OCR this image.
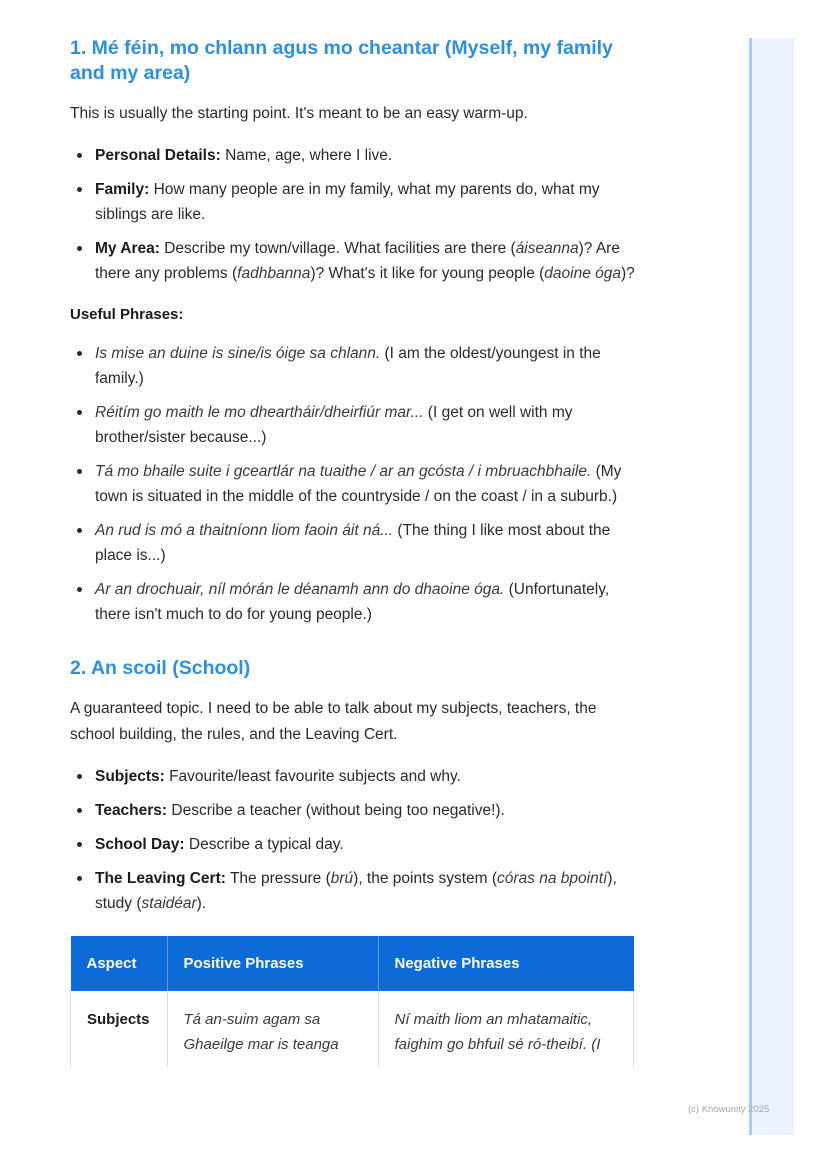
1. Mé féin, mo chlann agus mo cheantar (Myself, my family and my area)

This is usually the starting point. It's meant to be an easy warm-up.

Personal Details: Name, age, where I live.
Family: How many people are in my family, what my parents do, what my siblings are like.
My Area: Describe my town/village. What facilities are there (áiseanna)? Are there any problems (fadhbanna)? What's it like for young people (daoine óga)?
Useful Phrases:
Is mise an duine is sine/is óige sa chlann. (I am the oldest/youngest in the family.)
Réitím go maith le mo dheartháir/dheirfiúr mar... (I get on well with my brother/sister because...)
Tá mo bhaile suite i gceartlár na tuaithe / ar an gcósta / i mbruachbhaile. (My town is situated in the middle of the countryside / on the coast / in a suburb.)
An rud is mó a thaitníonn liom faoin áit ná... (The thing I like most about the place is...)
Ar an drochuair, níl mórán le déanamh ann do dhaoine óga. (Unfortunately, there isn't much to do for young people.)
2. An scoil (School)

A guaranteed topic. I need to be able to talk about my subjects, teachers, the school building, the rules, and the Leaving Cert.

Subjects: Favourite/least favourite subjects and why.
Teachers: Describe a teacher (without being too negative!).
School Day: Describe a typical day.
The Leaving Cert: The pressure (brú), the points system (córas na bpointí), study (staidéar).
Aspect	Positive Phrases	Negative Phrases
Subjects	Tá an-suim agam sa Ghaeilge mar is teanga	Ní maith liom an mhatamaitic, faighim go bhfuil sé ró-theibí. (I
(c) Knowunity 2025
